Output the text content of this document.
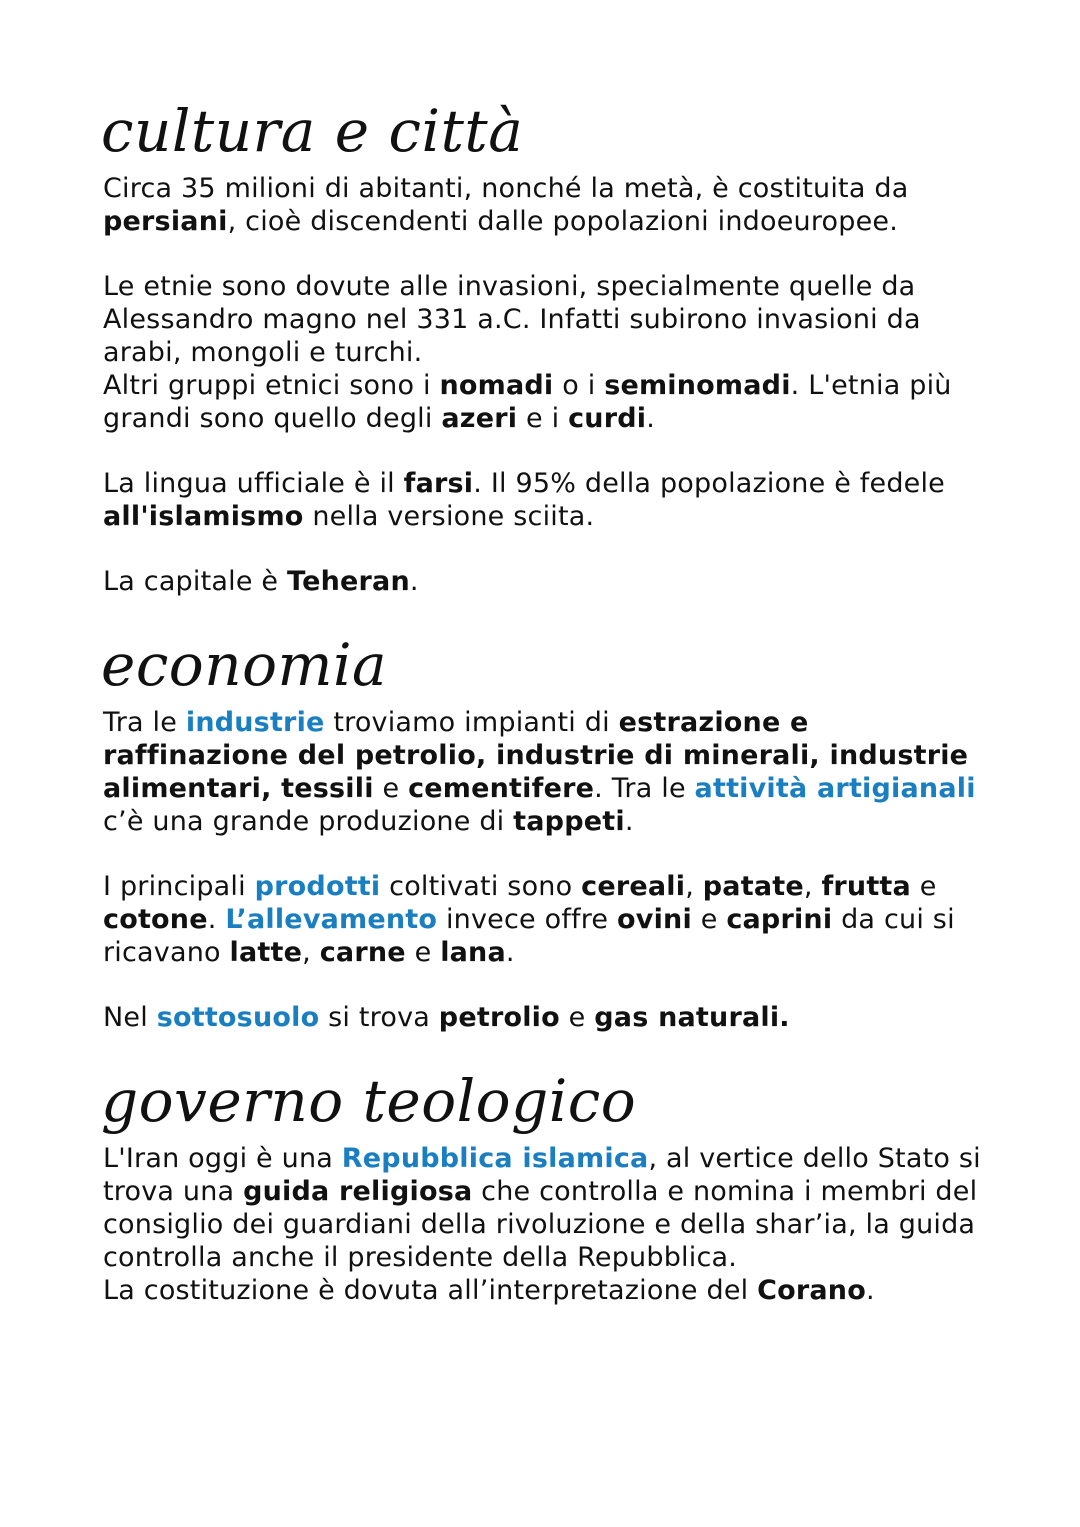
cultura e città

Circa 35 milioni di abitanti, nonché la metà, è costituita da persiani, cioè discendenti dalle popolazioni indoeuropee.

Le etnie sono dovute alle invasioni, specialmente quelle da Alessandro magno nel 331 a.C. Infatti subirono invasioni da arabi, mongoli e turchi.

Altri gruppi etnici sono i nomadi o i seminomadi. L'etnia più grandi sono quello degli azeri e i curdi.

La lingua ufficiale è il farsi. Il 95% della popolazione è fedele all'islamismo nella versione sciita.

La capitale è Teheran.

economia

Tra le industrie troviamo impianti di estrazione e raffinazione del petrolio, industrie di minerali, industrie alimentari, tessili e cementifere. Tra le attività artigianali c’è una grande produzione di tappeti.

I principali prodotti coltivati sono cereali, patate, frutta e cotone. L’allevamento invece offre ovini e caprini da cui si ricavano latte, carne e lana.

Nel sottosuolo si trova petrolio e gas naturali.

governo teologico

L'Iran oggi è una Repubblica islamica, al vertice dello Stato si trova una guida religiosa che controlla e nomina i membri del consiglio dei guardiani della rivoluzione e della shar’ia, la guida controlla anche il presidente della Repubblica.

La costituzione è dovuta all’interpretazione del Corano.
